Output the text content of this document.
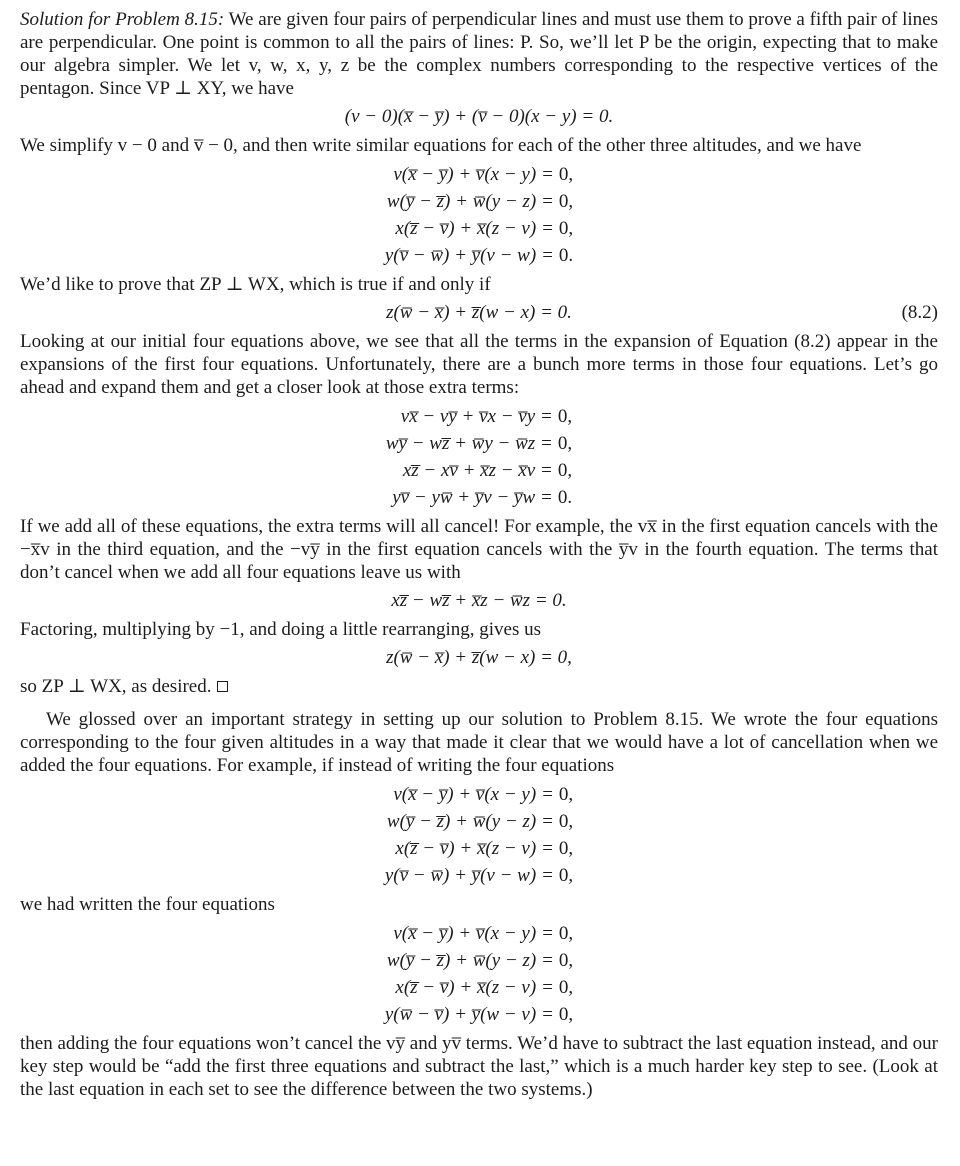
Solution for Problem 8.15: We are given four pairs of perpendicular lines and must use them to prove a fifth pair of lines are perpendicular. One point is common to all the pairs of lines: P. So, we’ll let P be the origin, expecting that to make our algebra simpler. We let v, w, x, y, z be the complex numbers corresponding to the respective vertices of the pentagon. Since VP ⊥ XY, we have

(v − 0)(x̅ − y̅) + (v̅ − 0)(x − y) = 0.

We simplify v − 0 and v̅ − 0, and then write similar equations for each of the other three altitudes, and we have

v(x̅ − y̅) + v̅(x − y)	=	0,
w(y̅ − z̅) + w̅(y − z)	=	0,
x(z̅ − v̅) + x̅(z − v)	=	0,
y(v̅ − w̅) + y̅(v − w)	=	0.

We’d like to prove that ZP ⊥ WX, which is true if and only if

z(w̅ − x̅) + z̅(w − x) = 0.	(8.2)

Looking at our initial four equations above, we see that all the terms in the expansion of Equation (8.2) appear in the expansions of the first four equations. Unfortunately, there are a bunch more terms in those four equations. Let’s go ahead and expand them and get a closer look at those extra terms:

vx̅ − vy̅ + v̅x − v̅y	=	0,
wy̅ − wz̅ + w̅y − w̅z	=	0,
xz̅ − xv̅ + x̅z − x̅v	=	0,
yv̅ − yw̅ + y̅v − y̅w	=	0.

If we add all of these equations, the extra terms will all cancel! For example, the vx̅ in the first equation cancels with the −x̅v in the third equation, and the −vy̅ in the first equation cancels with the y̅v in the fourth equation. The terms that don’t cancel when we add all four equations leave us with

xz̅ − wz̅ + x̅z − w̅z = 0.

Factoring, multiplying by −1, and doing a little rearranging, gives us

z(w̅ − x̅) + z̅(w − x) = 0,

so ZP ⊥ WX, as desired.

We glossed over an important strategy in setting up our solution to Problem 8.15. We wrote the four equations corresponding to the four given altitudes in a way that made it clear that we would have a lot of cancellation when we added the four equations. For example, if instead of writing the four equations

v(x̅ − y̅) + v̅(x − y)	=	0,
w(y̅ − z̅) + w̅(y − z)	=	0,
x(z̅ − v̅) + x̅(z − v)	=	0,
y(v̅ − w̅) + y̅(v − w)	=	0,

we had written the four equations

v(x̅ − y̅) + v̅(x − y)	=	0,
w(y̅ − z̅) + w̅(y − z)	=	0,
x(z̅ − v̅) + x̅(z − v)	=	0,
y(w̅ − v̅) + y̅(w − v)	=	0,

then adding the four equations won’t cancel the vy̅ and yv̅ terms. We’d have to subtract the last equation instead, and our key step would be “add the first three equations and subtract the last,” which is a much harder key step to see. (Look at the last equation in each set to see the difference between the two systems.)
